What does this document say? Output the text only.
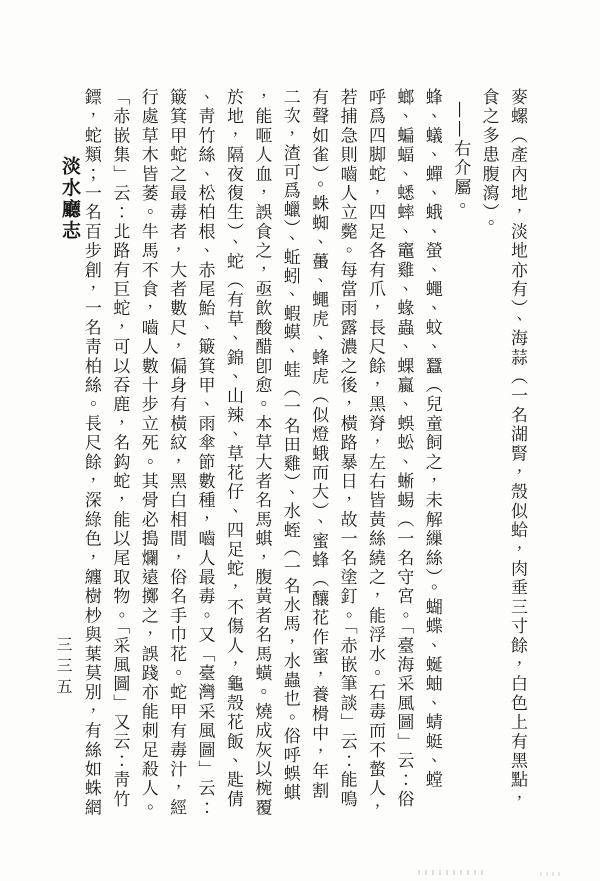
淡水廳志
三三五	麥螺（產內地，淡地亦有）、海蒜（一名湖腎，殼似蛤，肉垂三寸餘，白色上有黑點，
食之多患腹瀉）。
——右介屬。
蜂、蟻、蟬、蛾、螢、蠅、蚊、蠶（兒童飼之，未解繅絲）。蝴蝶、蜒蚰、蜻蜓、螳
螂、蝙蝠、蟋蟀、竈雞、蝝蟲、蜾蠃、蜈蚣、蜥蜴（一名守宮。「臺海采風圖」云：俗
呼爲四脚蛇，四足各有爪，長尺餘，黑脊，左右皆黃絲繞之，能浮水。石毒而不螫人，
若捕急則嚙人立斃。每當雨露濃之後，橫路暴日，故一名塗釘。「赤嵌筆談」云：能鳴
有聲如雀）。蛛蜘、蠆、蠅虎、蜂虎（似燈蛾而大）、蜜蜂（釀花作蜜，養榾中，年割
二次，渣可爲蠟）、蚯蚓、蝦蟆、蛙（一名田雞）、水蛭（一名水馬，水蟲也。俗呼蜈蜞
，能咂人血，誤食之，亟飲酸醋卽愈。本草大者名馬蜞，腹黃者名馬蟥。燒成灰以椀覆
於地，隔夜復生）、蛇（有草、錦、山辣、草花仔、四足蛇，不傷人，龜殼花飯、匙倩
、靑竹絲、松柏根、赤尾鮐、簸箕甲、雨傘節數種，嚙人最毒。又「臺灣采風圖」云：
簸箕甲蛇之最毒者，大者數尺，偏身有橫紋，黑白相間，俗名手巾花。蛇甲有毒汁，經
行處草木皆萎。牛馬不食，嚙人數十步立死。其骨必搗爛遠擲之，誤踐亦能刺足殺人。
「赤嵌集」云：北路有巨蛇，可以吞鹿，名鈎蛇，能以尾取物。「采風圖」又云：靑竹
鏢，蛇類；一名百步創，一名靑柏絲。長尺餘，深綠色，纏樹杪與葉莫別，有絲如蛛網
